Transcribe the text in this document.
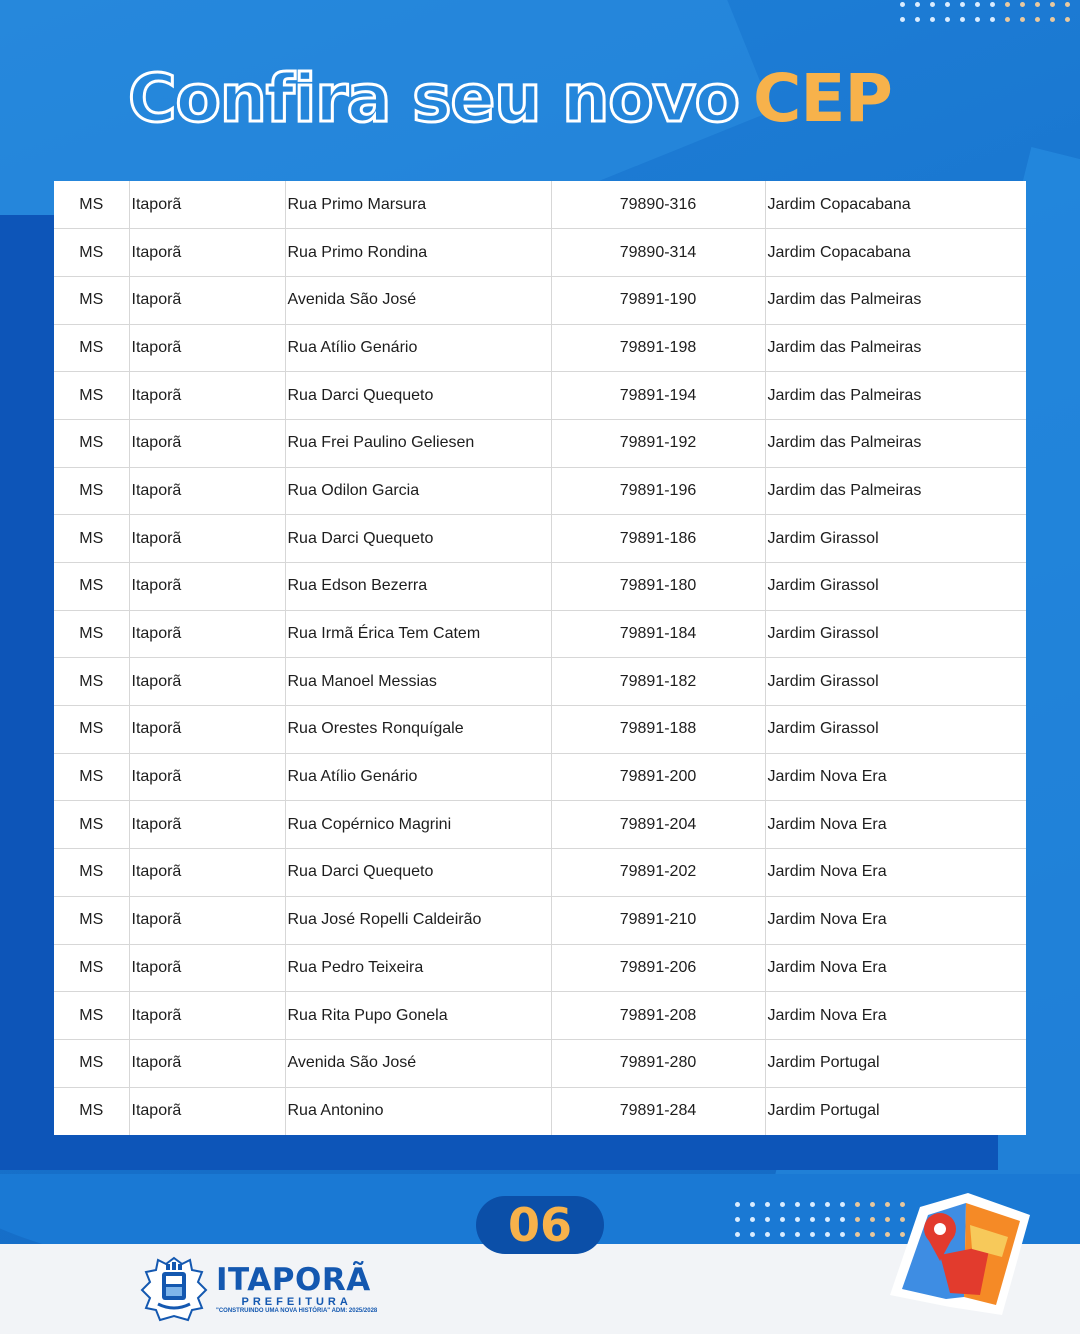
Confira seu novo CEP
MS	Itaporã	Rua Primo Marsura	79890-316	Jardim Copacabana
MS	Itaporã	Rua Primo Rondina	79890-314	Jardim Copacabana
MS	Itaporã	Avenida São José	79891-190	Jardim das Palmeiras
MS	Itaporã	Rua Atílio Genário	79891-198	Jardim das Palmeiras
MS	Itaporã	Rua Darci Quequeto	79891-194	Jardim das Palmeiras
MS	Itaporã	Rua Frei Paulino Geliesen	79891-192	Jardim das Palmeiras
MS	Itaporã	Rua Odilon Garcia	79891-196	Jardim das Palmeiras
MS	Itaporã	Rua Darci Quequeto	79891-186	Jardim Girassol
MS	Itaporã	Rua Edson Bezerra	79891-180	Jardim Girassol
MS	Itaporã	Rua Irmã Érica Tem Catem	79891-184	Jardim Girassol
MS	Itaporã	Rua Manoel Messias	79891-182	Jardim Girassol
MS	Itaporã	Rua Orestes Ronquígale	79891-188	Jardim Girassol
MS	Itaporã	Rua Atílio Genário	79891-200	Jardim Nova Era
MS	Itaporã	Rua Copérnico Magrini	79891-204	Jardim Nova Era
MS	Itaporã	Rua Darci Quequeto	79891-202	Jardim Nova Era
MS	Itaporã	Rua José Ropelli Caldeirão	79891-210	Jardim Nova Era
MS	Itaporã	Rua Pedro Teixeira	79891-206	Jardim Nova Era
MS	Itaporã	Rua Rita Pupo Gonela	79891-208	Jardim Nova Era
MS	Itaporã	Avenida São José	79891-280	Jardim Portugal
MS	Itaporã	Rua Antonino	79891-284	Jardim Portugal
06
ITAPORÃ
PREFEITURA
"CONSTRUINDO UMA NOVA HISTÓRIA" ADM: 2025/2028
